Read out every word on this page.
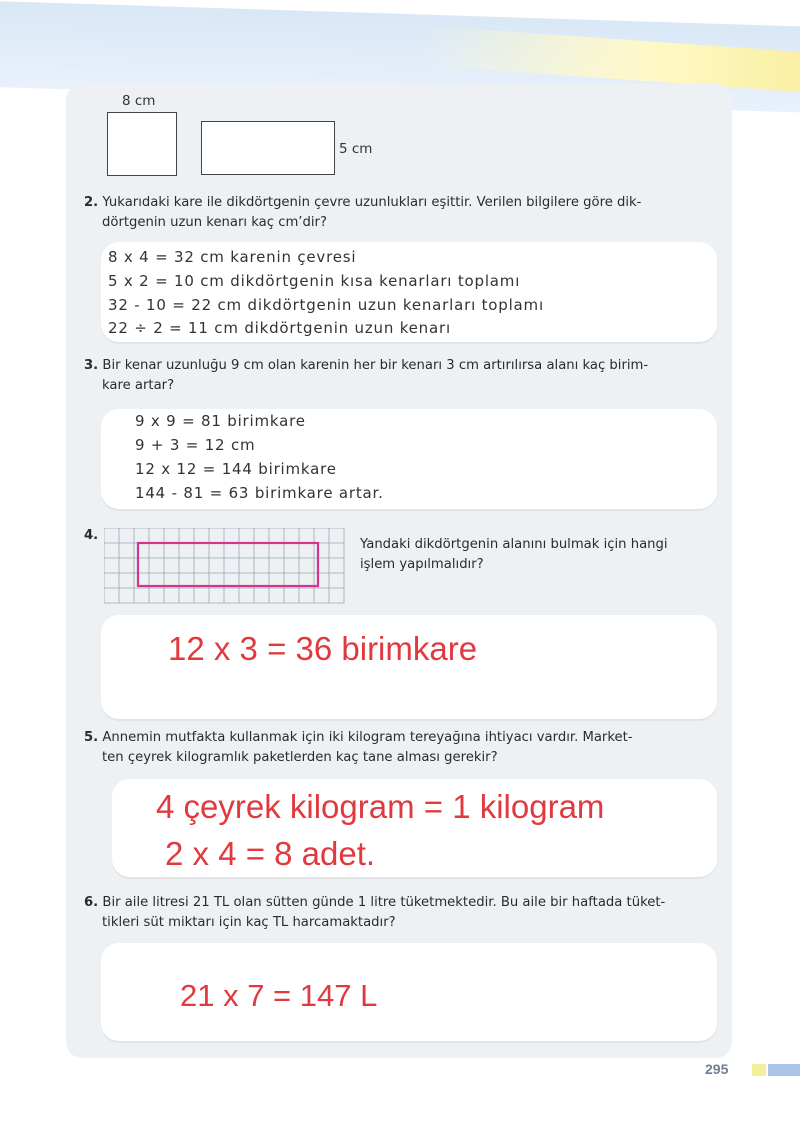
8 cm
5 cm
2. Yukarıdaki kare ile dikdörtgenin çevre uzunlukları eşittir. Verilen bilgilere göre dik-
dörtgenin uzun kenarı kaç cm’dir?
8 x 4 = 32 cm karenin çevresi
5 x 2 = 10 cm dikdörtgenin kısa kenarları toplamı
32 - 10 = 22 cm dikdörtgenin uzun kenarları toplamı
22 ÷ 2 = 11 cm dikdörtgenin uzun kenarı
3. Bir kenar uzunluğu 9 cm olan karenin her bir kenarı 3 cm artırılırsa alanı kaç birim-
kare artar?
9 x 9 = 81 birimkare
9 + 3 = 12 cm
12 x 12 = 144 birimkare
144 - 81 = 63 birimkare artar.
4.
Yandaki dikdörtgenin alanını bulmak için hangi
işlem yapılmalıdır?
12 x 3 = 36 birimkare
5. Annemin mutfakta kullanmak için iki kilogram tereyağına ihtiyacı vardır. Market-
ten çeyrek kilogramlık paketlerden kaç tane alması gerekir?
4 çeyrek kilogram = 1 kilogram
2 x 4 = 8 adet.
6. Bir aile litresi 21 TL olan sütten günde 1 litre tüketmektedir. Bu aile bir haftada tüket-
tikleri süt miktarı için kaç TL harcamaktadır?
21 x 7 = 147 L
295
